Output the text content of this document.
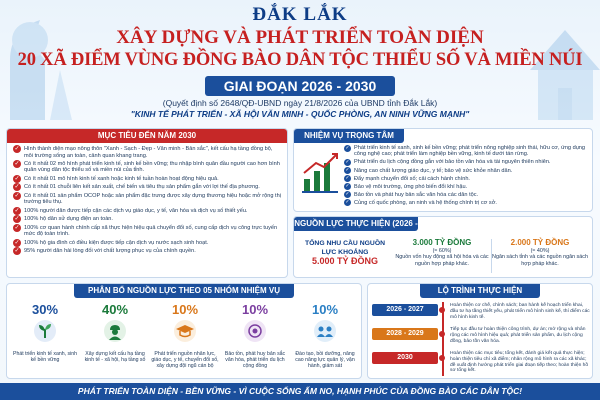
ĐẮK LẮK
XÂY DỰNG VÀ PHÁT TRIỂN TOÀN DIỆN
20 XÃ ĐIỂM VÙNG ĐỒNG BÀO DÂN TỘC THIỂU SỐ VÀ MIỀN NÚI
GIAI ĐOẠN 2026 - 2030
(Quyết định số 2648/QĐ-UBND ngày 21/8/2026 của UBND tỉnh Đắk Lắk)
"KINH TẾ PHÁT TRIỂN - XÃ HỘI VĂN MINH - QUỐC PHÒNG, AN NINH VỮNG MẠNH"
MỤC TIÊU ĐẾN NĂM 2030
✓ Hình thành diện mạo nông thôn "Xanh - Sạch - Đẹp - Văn minh - Bản sắc", kết cấu hạ tầng đồng bộ, môi trường sống an toàn, cảnh quan khang trang.
✓ Có ít nhất 02 mô hình phát triển kinh tế, sinh kế bền vững; thu nhập bình quân đầu người cao hơn bình quân vùng dân tộc thiểu số và miền núi của tỉnh.
✓ Có ít nhất 01 mô hình kinh tế xanh hoặc kinh tế tuần hoàn hoạt động hiệu quả.
✓ Có ít nhất 01 chuỗi liên kết sản xuất, chế biến và tiêu thụ sản phẩm gắn với lợi thế địa phương.
✓ Có ít nhất 01 sản phẩm OCOP hoặc sản phẩm đặc trưng được xây dựng thương hiệu hoặc mở rộng thị trường tiêu thụ.
✓ 100% người dân được tiếp cận các dịch vụ giáo dục, y tế, văn hóa và dịch vụ số thiết yếu.
✓ 100% hộ dân sử dụng điện an toàn.
✓ 100% cơ quan hành chính cấp xã thực hiện hiệu quả chuyển đổi số, cung cấp dịch vụ công trực tuyến mức độ toàn trình.
✓ 100% hộ gia đình có điều kiện được tiếp cận dịch vụ nước sạch sinh hoạt.
✓ 95% người dân hài lòng đối với chất lượng phục vụ của chính quyền.
NHIỆM VỤ TRỌNG TÂM
✓ Phát triển kinh tế xanh, sinh kế bền vững; phát triển nông nghiệp sinh thái, hữu cơ, ứng dụng công nghệ cao; phát triển làm nghiệp bền vững, kinh tế dưới tán rừng.
✓ Phát triển du lịch cộng đồng gắn với bảo tồn văn hóa và tài nguyên thiên nhiên.
✓ Nâng cao chất lượng giáo dục, y tế; bảo vệ sức khỏe nhân dân.
✓ Đẩy mạnh chuyển đổi số; cải cách hành chính.
✓ Bảo vệ môi trường, ứng phó biến đổi khí hậu.
✓ Bảo tồn và phát huy bản sắc văn hóa các dân tộc.
✓ Củng cố quốc phòng, an ninh và hệ thống chính trị cơ sở.
NGUỒN LỰC THỰC HIỆN (2026 - 2030)
TỔNG NHU CẦU NGUỒN LỰC KHOẢNG
5.000 TỶ ĐỒNG
3.000 TỶ ĐỒNG
(≈ 60%)
Nguồn vốn huy động xã hội hóa và các nguồn hợp pháp khác.
2.000 TỶ ĐỒNG
(≈ 40%)
Ngân sách tỉnh và các nguồn ngân sách hợp pháp khác.
PHÂN BỔ NGUỒN LỰC THEO 05 NHÓM NHIỆM VỤ
30%
Phát triển kinh tế xanh, sinh kế bền vững
40%
Xây dựng kết cấu hạ tầng kinh tế - xã hội, hạ tầng số
10%
Phát triển nguồn nhân lực, giáo dục, y tế, chuyển đổi số, xây dựng đội ngũ cán bộ
10%
Bảo tồn, phát huy bản sắc văn hóa, phát triển du lịch cộng đồng
10%
Đào tạo, bồi dưỡng, nâng cao năng lực quản lý, vận hành, giám sát
LỘ TRÌNH THỰC HIỆN
2026 - 2027
Hoàn thiện cơ chế, chính sách; ban hành kế hoạch triển khai, đầu tư hạ tầng thiết yếu, phát triển mô hình sinh kế, thí điểm các mô hình kinh tế.
2028 - 2029
Tiếp tục đầu tư hoàn thiện công trình, dự án; mở rộng và nhân rộng các mô hình hiệu quả; phát triển sản phẩm, du lịch cộng đồng, bảo tồn văn hóa.
2030
Hoàn thiện các mục tiêu; tổng kết, đánh giá kết quả thực hiện; hoàn thiện tiêu chí xã điểm; nhân rộng mô hình ra các xã khác; đề xuất định hướng phát triển giai đoạn tiếp theo; hoàn thiện hồ sơ tổng kết.
PHÁT TRIỂN TOÀN DIỆN - BỀN VỮNG - VÌ CUỘC SỐNG ẤM NO, HẠNH PHÚC CỦA ĐỒNG BÀO CÁC DÂN TỘC!
